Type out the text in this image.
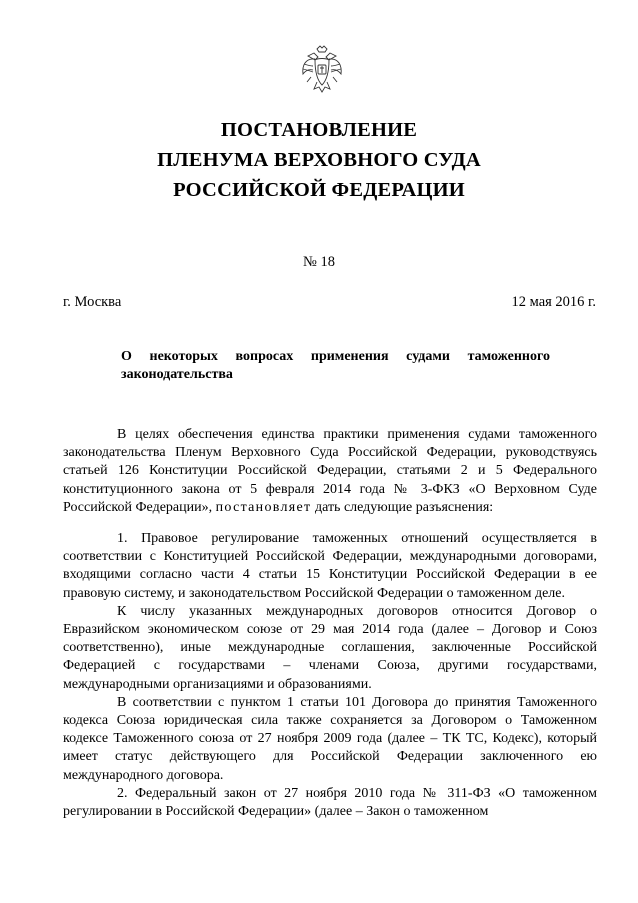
ПОСТАНОВЛЕНИЕ
ПЛЕНУМА ВЕРХОВНОГО СУДА
РОССИЙСКОЙ ФЕДЕРАЦИИ
№ 18
г. Москва	12 мая 2016 г.
О некоторых вопросах применения судами таможенного законодательства

В целях обеспечения единства практики применения судами таможенного законодательства Пленум Верховного Суда Российской Федерации, руководствуясь статьей 126 Конституции Российской Федерации, статьями 2 и 5 Федерального конституционного закона от 5 февраля 2014 года № 3-ФКЗ «О Верховном Суде Российской Федерации», постановляет дать следующие разъяснения:

1. Правовое регулирование таможенных отношений осуществляется в соответствии с Конституцией Российской Федерации, международными договорами, входящими согласно части 4 статьи 15 Конституции Российской Федерации в ее правовую систему, и законодательством Российской Федерации о таможенном деле.

К числу указанных международных договоров относится Договор о Евразийском экономическом союзе от 29 мая 2014 года (далее – Договор и Союз соответственно), иные международные соглашения, заключенные Российской Федерацией с государствами – членами Союза, другими государствами, международными организациями и образованиями.

В соответствии с пунктом 1 статьи 101 Договора до принятия Таможенного кодекса Союза юридическая сила также сохраняется за Договором о Таможенном кодексе Таможенного союза от 27 ноября 2009 года (далее – ТК ТС, Кодекс), который имеет статус действующего для Российской Федерации заключенного ею международного договора.

2. Федеральный закон от 27 ноября 2010 года № 311-ФЗ «О таможенном регулировании в Российской Федерации» (далее – Закон о таможенном
